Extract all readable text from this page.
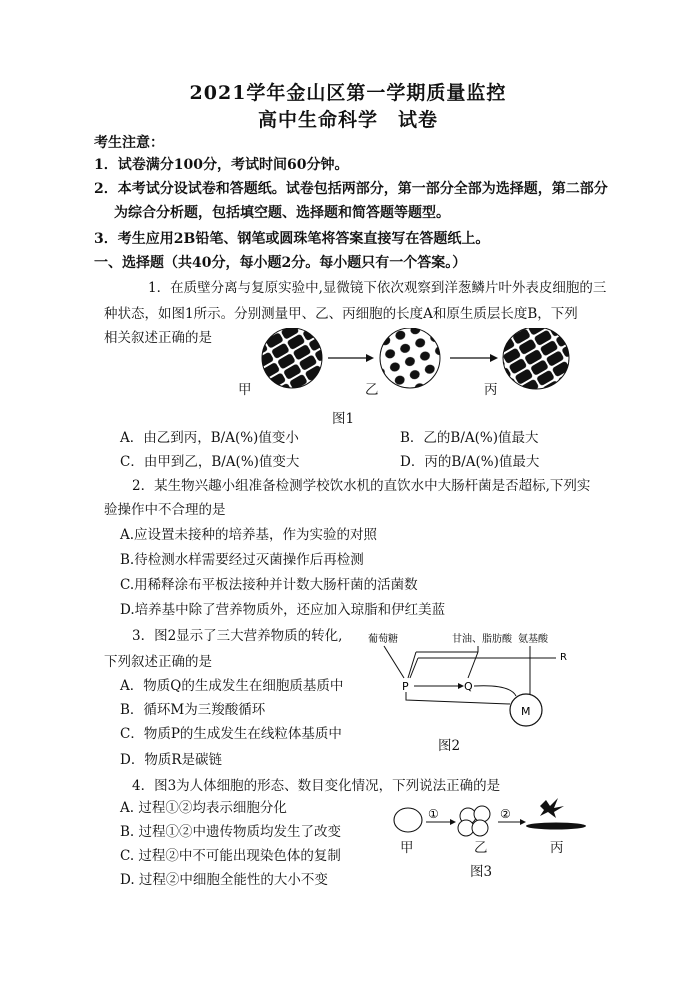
2021学年金山区第一学期质量监控
高中生命科学　试卷
考生注意：
1．试卷满分100分，考试时间60分钟。
2．本考试分设试卷和答题纸。试卷包括两部分，第一部分全部为选择题，第二部分
为综合分析题，包括填空题、选择题和简答题等题型。
3．考生应用2B铅笔、钢笔或圆珠笔将答案直接写在答题纸上。
一、选择题（共40分，每小题2分。每小题只有一个答案。）
1．在质壁分离与复原实验中,显微镜下依次观察到洋葱鳞片叶外表皮细胞的三
种状态，如图1所示。分别测量甲、乙、丙细胞的长度A和原生质层长度B，下列
相关叙述正确的是
甲	乙	丙
图1
A．由乙到丙，B/A(%)值变小	B．乙的B/A(%)值最大
C．由甲到乙，B/A(%)值变大	D．丙的B/A(%)值最大
2．某生物兴趣小组准备检测学校饮水机的直饮水中大肠杆菌是否超标,下列实
验操作中不合理的是
A.应设置未接种的培养基，作为实验的对照
B.待检测水样需要经过灭菌操作后再检测
C.用稀释涂布平板法接种并计数大肠杆菌的活菌数
D.培养基中除了营养物质外，还应加入琼脂和伊红美蓝
3．图2显示了三大营养物质的转化,
下列叙述正确的是
A．物质Q的生成发生在细胞质基质中
B．循环M为三羧酸循环
C．物质P的生成发生在线粒体基质中
D．物质R是碳链
葡萄糖	甘油、脂肪酸 氨基酸
R
P	Q
M
图2
4．图3为人体细胞的形态、数目变化情况，下列说法正确的是
A. 过程①②均表示细胞分化
B. 过程①②中遗传物质均发生了改变
C. 过程②中不可能出现染色体的复制
D. 过程②中细胞全能性的大小不变
①	②
甲	乙	丙
图3
